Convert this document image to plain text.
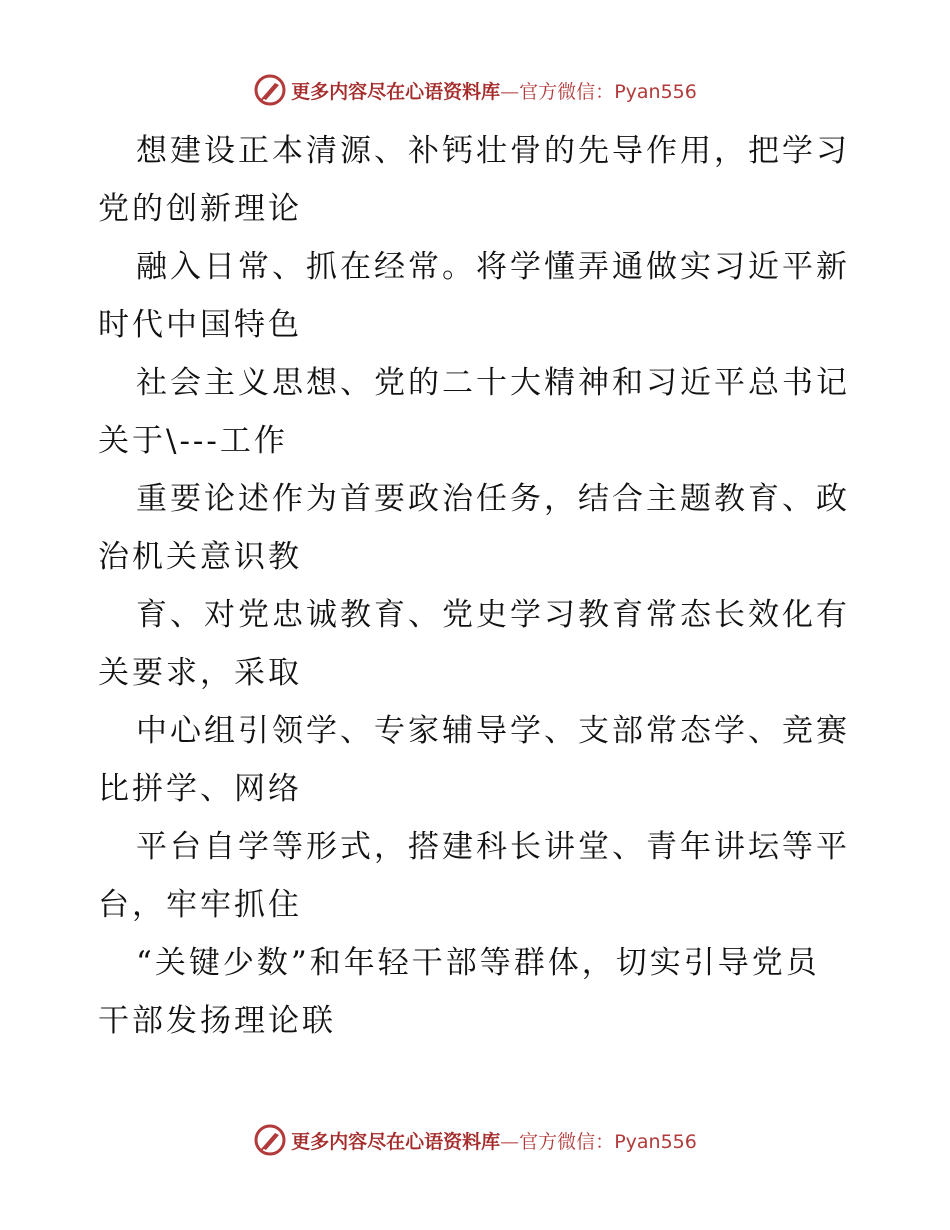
更多内容尽在心语资料库—官方微信：Pyan556
想建设正本清源、补钙壮骨的先导作用，把学习
党的创新理论
融入日常、抓在经常。将学懂弄通做实习近平新
时代中国特色
社会主义思想、党的二十大精神和习近平总书记
关于\---工作
重要论述作为首要政治任务，结合主题教育、政
治机关意识教
育、对党忠诚教育、党史学习教育常态长效化有
关要求，采取
中心组引领学、专家辅导学、支部常态学、竞赛
比拼学、网络
平台自学等形式，搭建科长讲堂、青年讲坛等平
台，牢牢抓住
“关键少数”和年轻干部等群体，切实引导党员
干部发扬理论联
更多内容尽在心语资料库—官方微信：Pyan556
